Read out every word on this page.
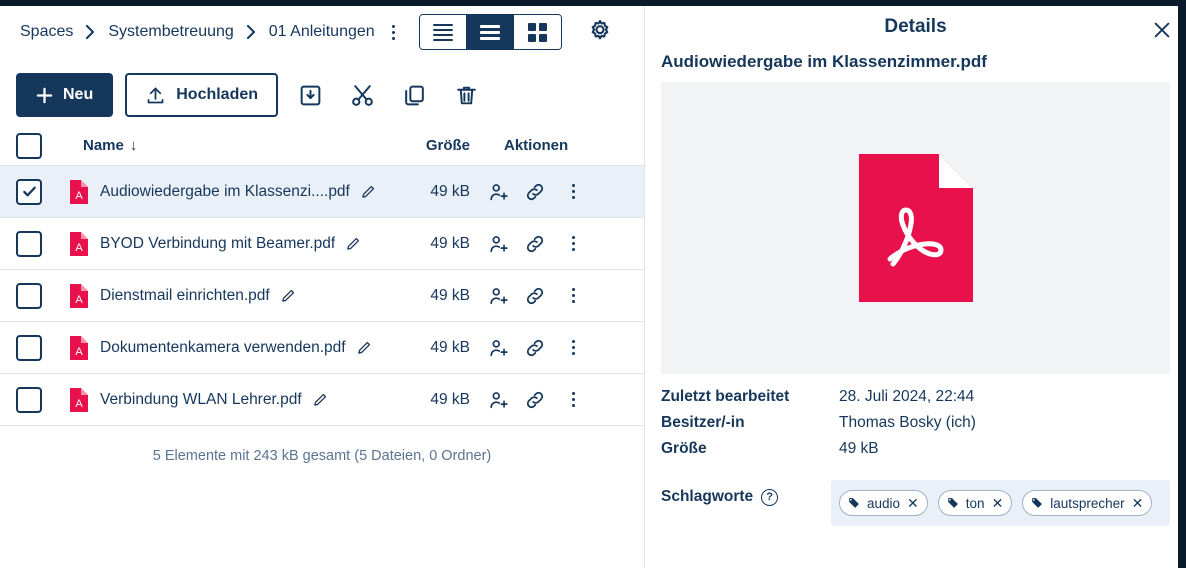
Spaces Systembetreuung 01 Anleitungen
Neu	Hochladen
Name ↓	Größe	Aktionen
A Audiowiedergabe im Klassenzi....pdf	49 kB
A BYOD Verbindung mit Beamer.pdf	49 kB
A Dienstmail einrichten.pdf	49 kB
A Dokumentenkamera verwenden.pdf	49 kB
A Verbindung WLAN Lehrer.pdf	49 kB
5 Elemente mit 243 kB gesamt (5 Dateien, 0 Ordner)
Details
Audiowiedergabe im Klassenzimmer.pdf
Zuletzt bearbeitet	28. Juli 2024, 22:44
Besitzer/-in	Thomas Bosky (ich)
Größe	49 kB
Schlagworte	?	audio ✕	ton ✕	lautsprecher ✕
